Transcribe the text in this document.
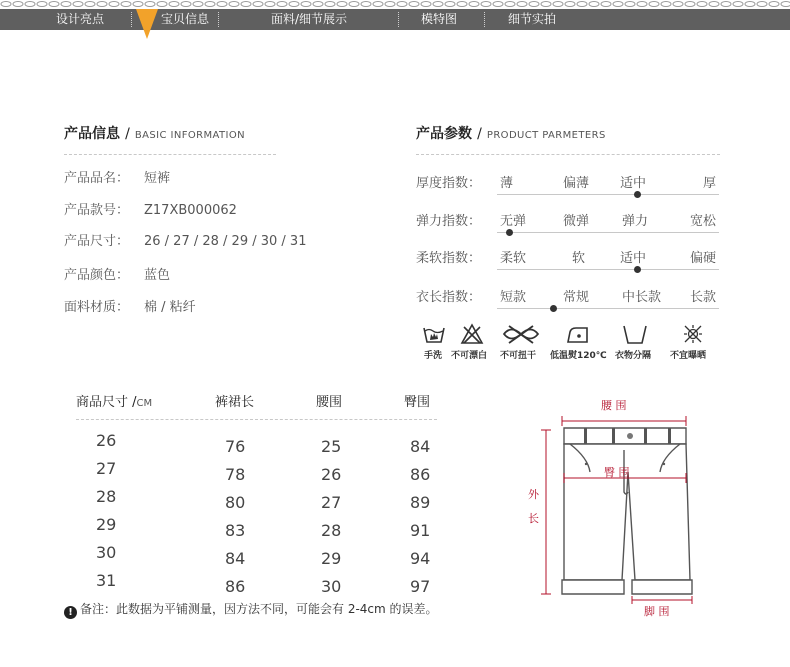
设计亮点	宝贝信息	面料/细节展示	模特图	细节实拍
产品信息 / BASIC INFORMATION
产品品名： 短裤
产品款号： Z17XB000062
产品尺寸： 26 / 27 / 28 / 29 / 30 / 31
产品颜色： 蓝色
面料材质： 棉 / 粘纤
产品参数 / PRODUCT PARMETERS
厚度指数： 薄	偏薄 适中	厚
弹力指数： 无弹	微弹	弹力	宽松
柔软指数： 柔软	软	适中	偏硬
衣长指数： 短款	常规	中长款 长款
手洗 不可漂白 不可扭干 低温熨120℃ 衣物分隔 不宜曝晒
商品尺寸 /CM	裤裙长	腰围	臀围
26	76	25	84
27	78	26	86
28	80	27	89
29	83	28	91
30	84	29	94
31	86	30	97
! 备注：此数据为平铺测量，因方法不同，可能会有 2-4cm 的误差。
腰 围
臀 围
外
长
脚 围
